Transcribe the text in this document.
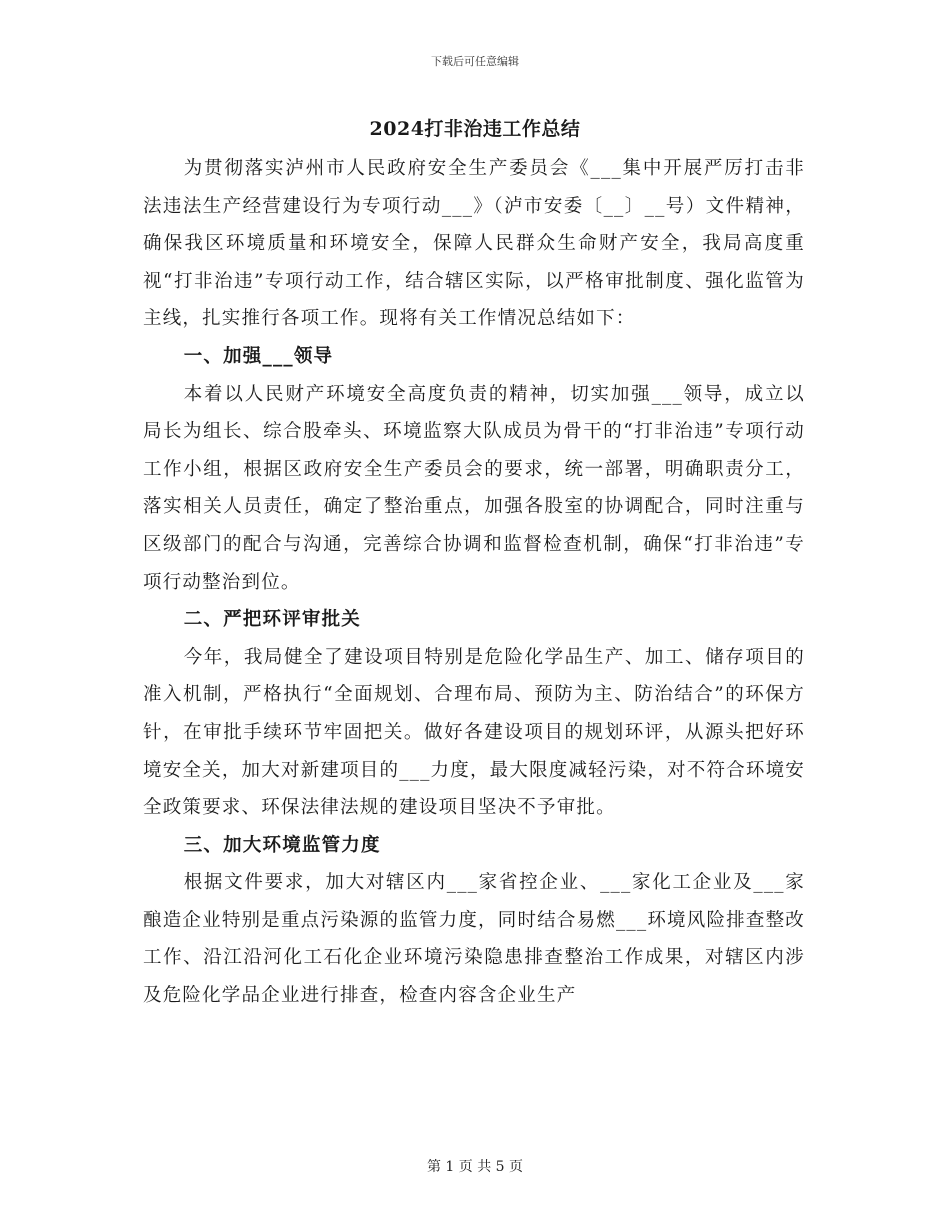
下载后可任意编辑
2024打非治违工作总结

为贯彻落实泸州市人民政府安全生产委员会《___集中开展严厉打击非法违法生产经营建设行为专项行动___》（泸市安委〔__〕__号）文件精神，确保我区环境质量和环境安全，保障人民群众生命财产安全，我局高度重视“打非治违”专项行动工作，结合辖区实际，以严格审批制度、强化监管为主线，扎实推行各项工作。现将有关工作情况总结如下：

一、加强___领导

本着以人民财产环境安全高度负责的精神，切实加强___领导，成立以局长为组长、综合股牵头、环境监察大队成员为骨干的“打非治违”专项行动工作小组，根据区政府安全生产委员会的要求，统一部署，明确职责分工，落实相关人员责任，确定了整治重点，加强各股室的协调配合，同时注重与区级部门的配合与沟通，完善综合协调和监督检查机制，确保“打非治违”专项行动整治到位。

二、严把环评审批关

今年，我局健全了建设项目特别是危险化学品生产、加工、储存项目的准入机制，严格执行“全面规划、合理布局、预防为主、防治结合”的环保方针，在审批手续环节牢固把关。做好各建设项目的规划环评，从源头把好环境安全关，加大对新建项目的___力度，最大限度减轻污染，对不符合环境安全政策要求、环保法律法规的建设项目坚决不予审批。

三、加大环境监管力度

根据文件要求，加大对辖区内___家省控企业、___家化工企业及___家酿造企业特别是重点污染源的监管力度，同时结合易燃___环境风险排查整改工作、沿江沿河化工石化企业环境污染隐患排查整治工作成果，对辖区内涉及危险化学品企业进行排查，检查内容含企业生产

第 1 页 共 5 页
